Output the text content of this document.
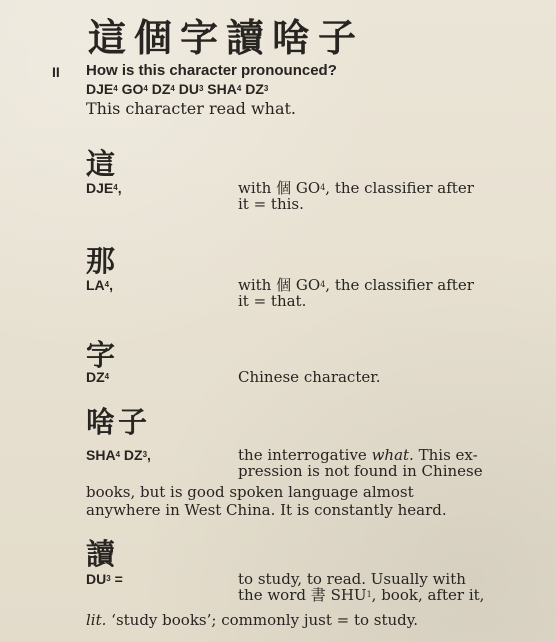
這個字讀啥子
II How is this character pronounced?
DJE$^4$ $GO^4$ $DZ^4$ $DU^3$ SHA$^4$ $DZ^3$
This character read what.
這
DJE$^4$,	with 個 $GO^4$, the classifier after
it = this.
那
$LA^4$,	with 個 $GO^4$, the classifier after
it = that.
字
$DZ^4$	Chinese character.
啥子
SHA$^4$ $DZ^3$,	the interrogative what. This ex-
pression is not found in Chinese
books, but is good spoken language almost
anywhere in West China. It is constantly heard.
讀
$DU^3$ =	to study, to read. Usually with
the word 書 SHU$^1$, book, after it,
lit. ‘study books’; commonly just = to study.
